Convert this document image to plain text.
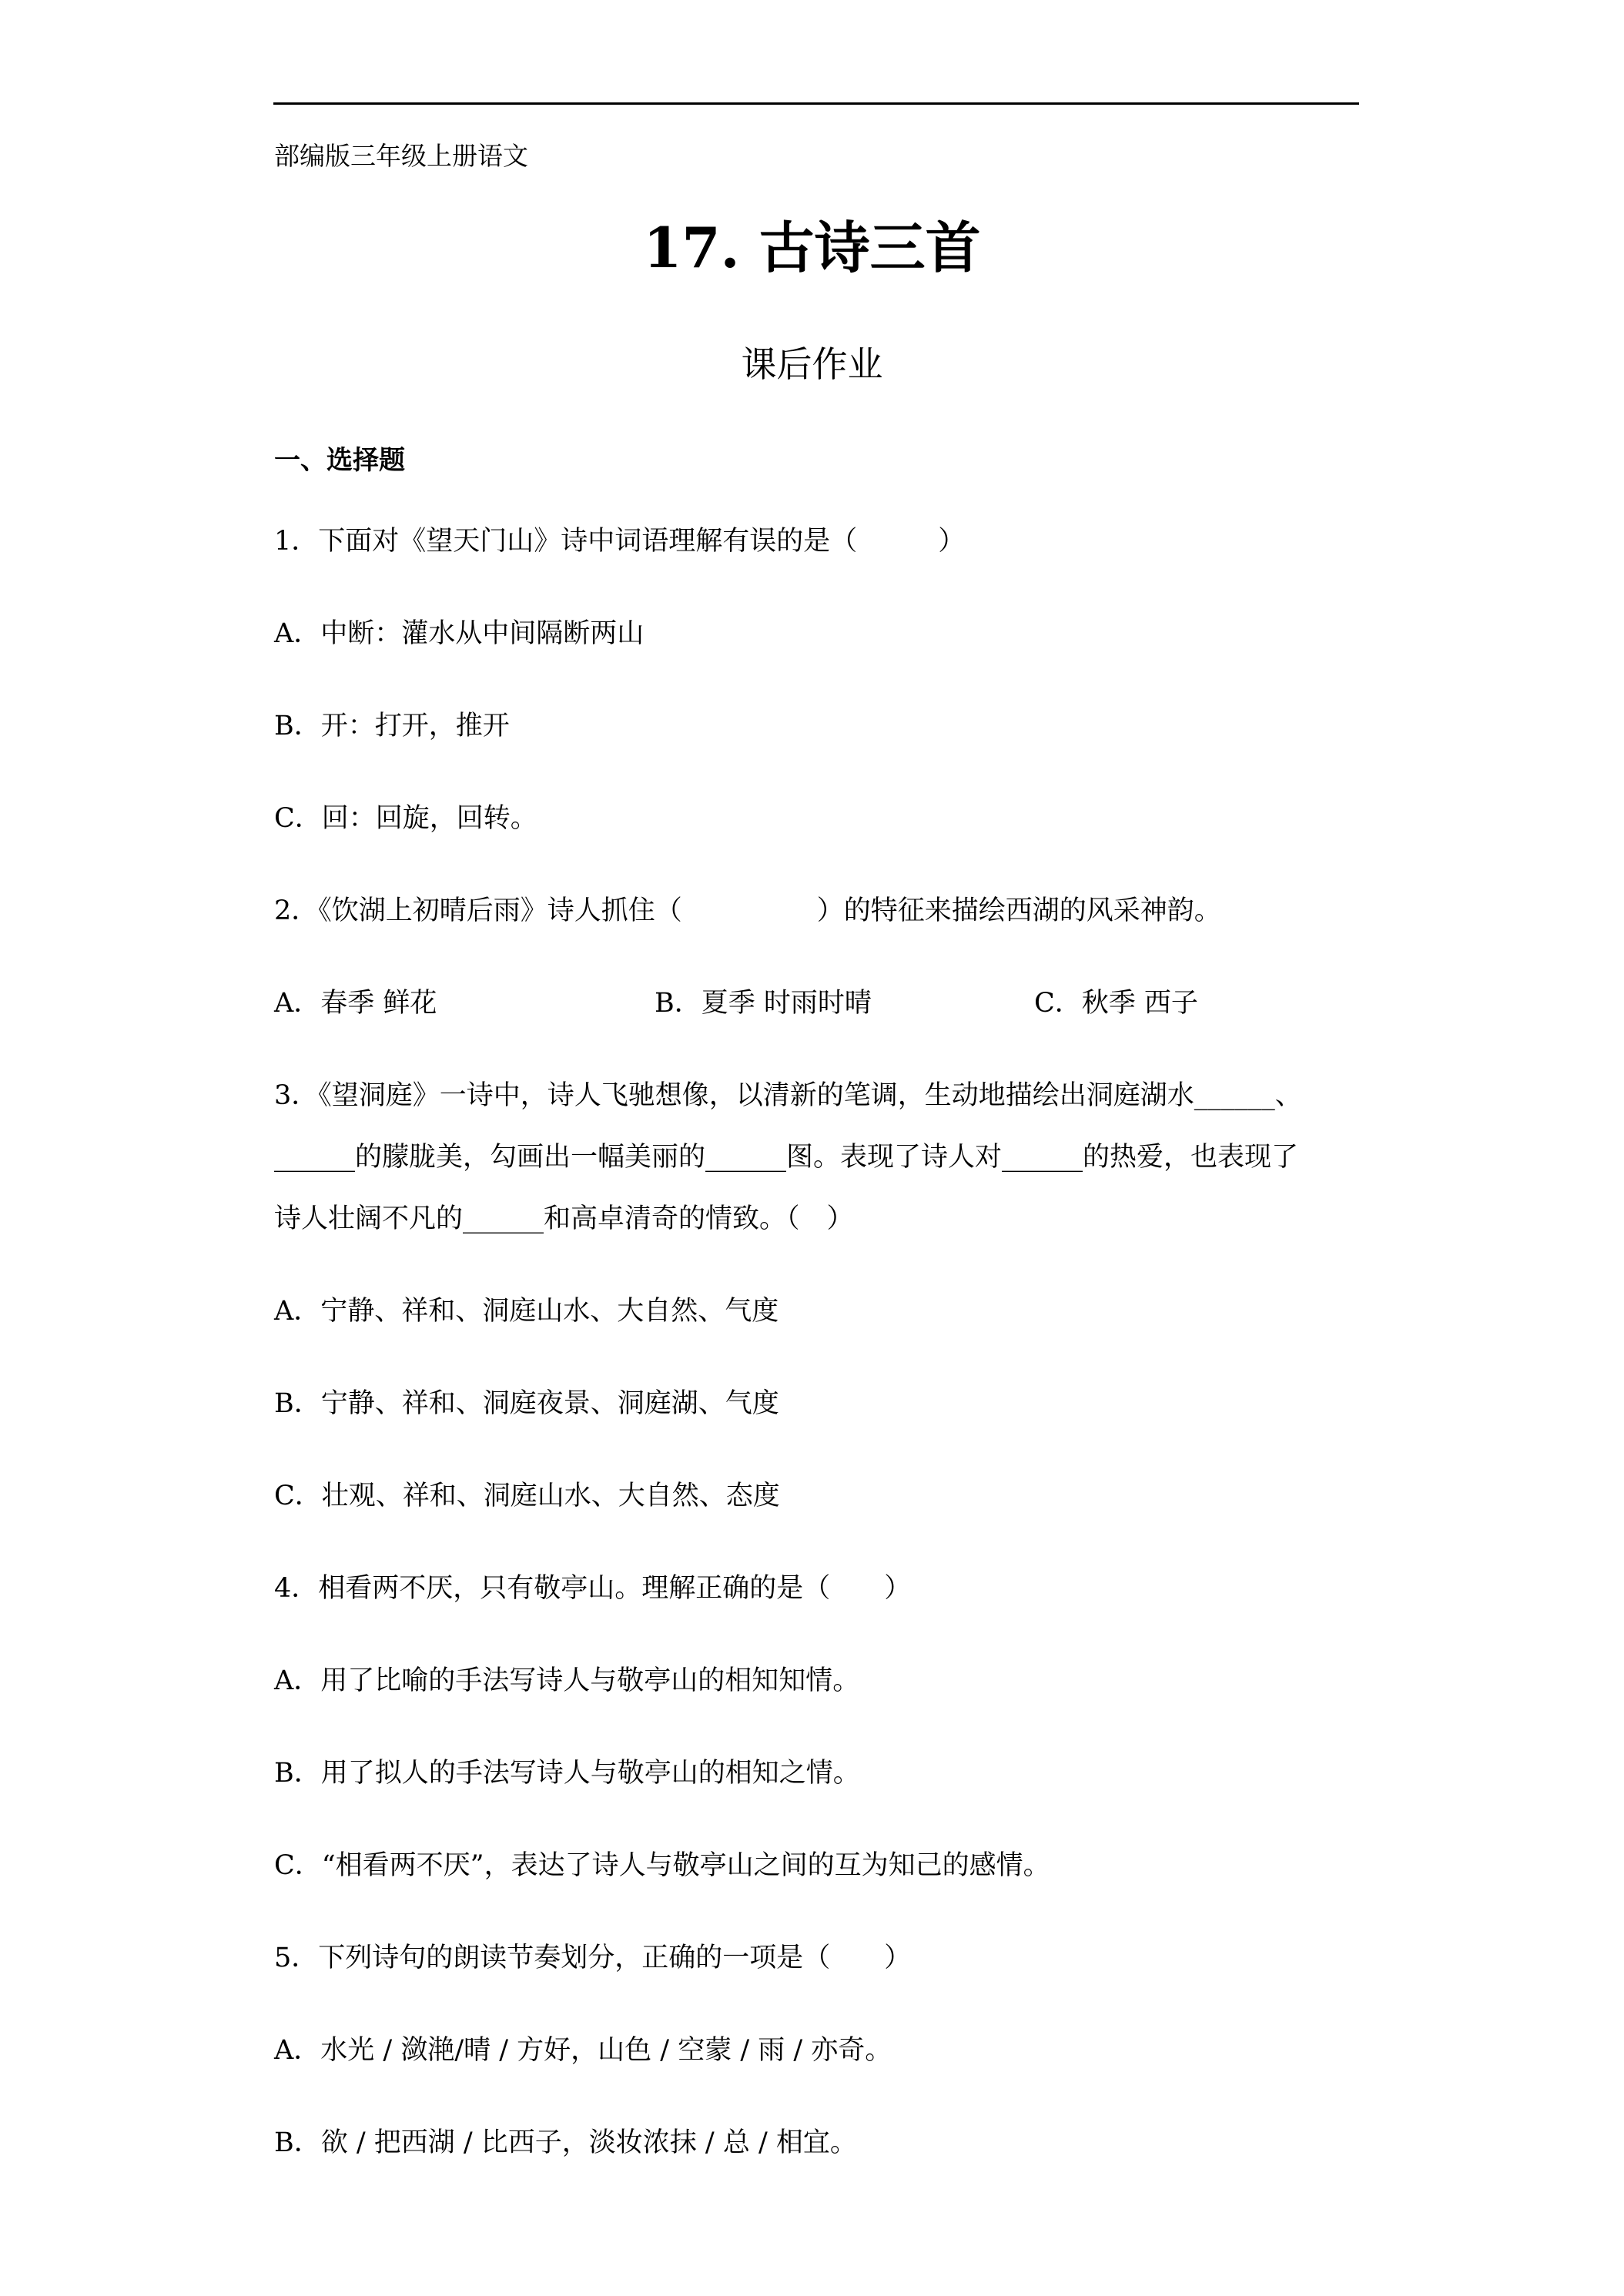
部编版三年级上册语文
17. 古诗三首
课后作业
一、选择题
1．下面对《望天门山》诗中词语理解有误的是（　　　）
A．中断：灌水从中间隔断两山
B．开：打开，推开
C．回：回旋，回转。
2．《饮湖上初晴后雨》诗人抓住（　　　　　）的特征来描绘西湖的风采神韵。
A．春季 鲜花	B．夏季 时雨时晴	C．秋季 西子
3．《望洞庭》一诗中，诗人飞驰想像，以清新的笔调，生动地描绘出洞庭湖水______、
______的朦胧美，勾画出一幅美丽的______图。表现了诗人对______的热爱，也表现了
诗人壮阔不凡的______和高卓清奇的情致。（　）
A．宁静、祥和、洞庭山水、大自然、气度
B．宁静、祥和、洞庭夜景、洞庭湖、气度
C．壮观、祥和、洞庭山水、大自然、态度
4．相看两不厌，只有敬亭山。理解正确的是（　　）
A．用了比喻的手法写诗人与敬亭山的相知知情。
B．用了拟人的手法写诗人与敬亭山的相知之情。
C．“相看两不厌”，表达了诗人与敬亭山之间的互为知己的感情。
5．下列诗句的朗读节奏划分，正确的一项是（　　）
A．水光 / 潋滟/晴 / 方好，山色 / 空蒙 / 雨 / 亦奇。
B．欲 / 把西湖 / 比西子，淡妆浓抹 / 总 / 相宜。
